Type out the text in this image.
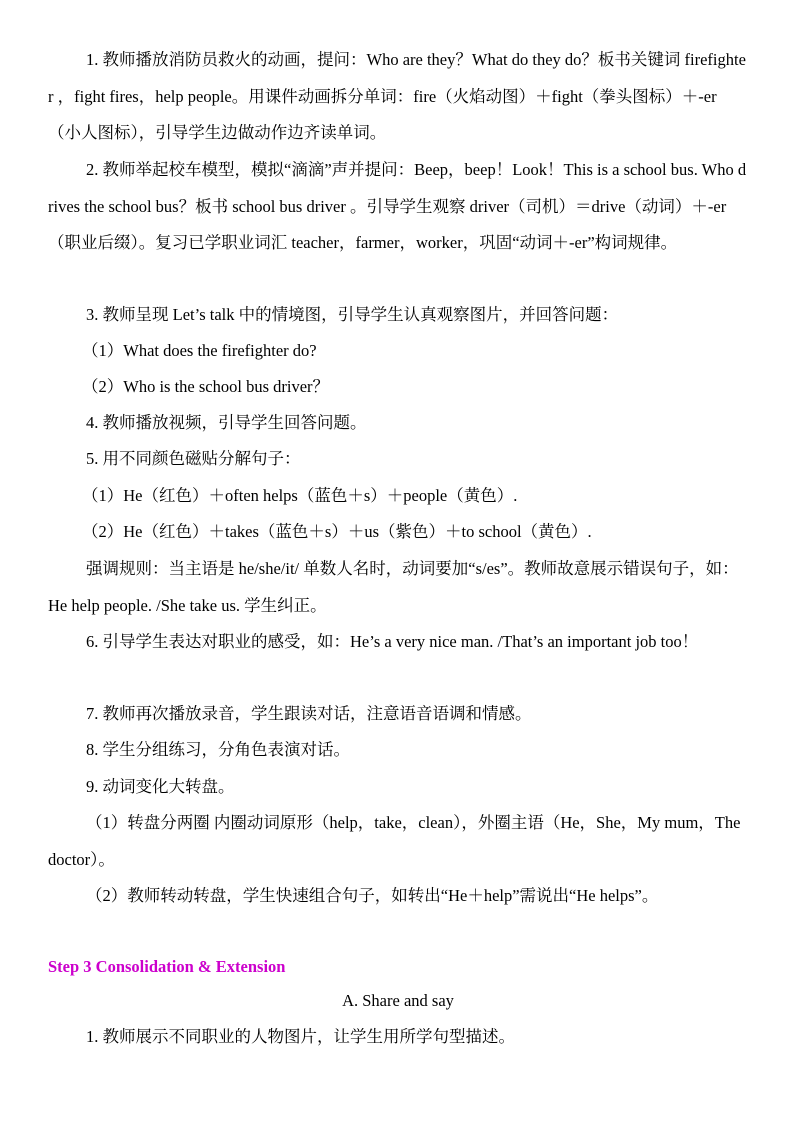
1. 教师播放消防员救火的动画，提问：Who are they？What do they do？板书关键词 firefighter ，fight fires，help people。用课件动画拆分单词：fire（火焰动图）＋fight（拳头图标）＋-er（小人图标），引导学生边做动作边齐读单词。

2. 教师举起校车模型，模拟“滴滴”声并提问：Beep，beep！Look！This is a school bus. Who drives the school bus？板书 school bus driver 。引导学生观察 driver（司机）＝drive（动词）＋-er（职业后缀）。复习已学职业词汇 teacher，farmer，worker，巩固“动词＋-er”构词规律。

3. 教师呈现 Let’s talk 中的情境图，引导学生认真观察图片，并回答问题：

（1）What does the firefighter do?

（2）Who is the school bus driver？

4. 教师播放视频，引导学生回答问题。

5. 用不同颜色磁贴分解句子：

（1）He（红色）＋often helps（蓝色＋s）＋people（黄色）.

（2）He（红色）＋takes（蓝色＋s）＋us（紫色）＋to school（黄色）.

强调规则：当主语是 he/she/it/ 单数人名时，动词要加“s/es”。教师故意展示错误句子，如：He help people. /She take us. 学生纠正。

6. 引导学生表达对职业的感受，如：He’s a very nice man. /That’s an important job too！

7. 教师再次播放录音，学生跟读对话，注意语音语调和情感。

8. 学生分组练习，分角色表演对话。

9. 动词变化大转盘。

（1）转盘分两圈 内圈动词原形（help，take，clean），外圈主语（He，She，My mum，The doctor）。

（2）教师转动转盘，学生快速组合句子，如转出“He＋help”需说出“He helps”。

Step 3 Consolidation & Extension

A. Share and say

1. 教师展示不同职业的人物图片，让学生用所学句型描述。
